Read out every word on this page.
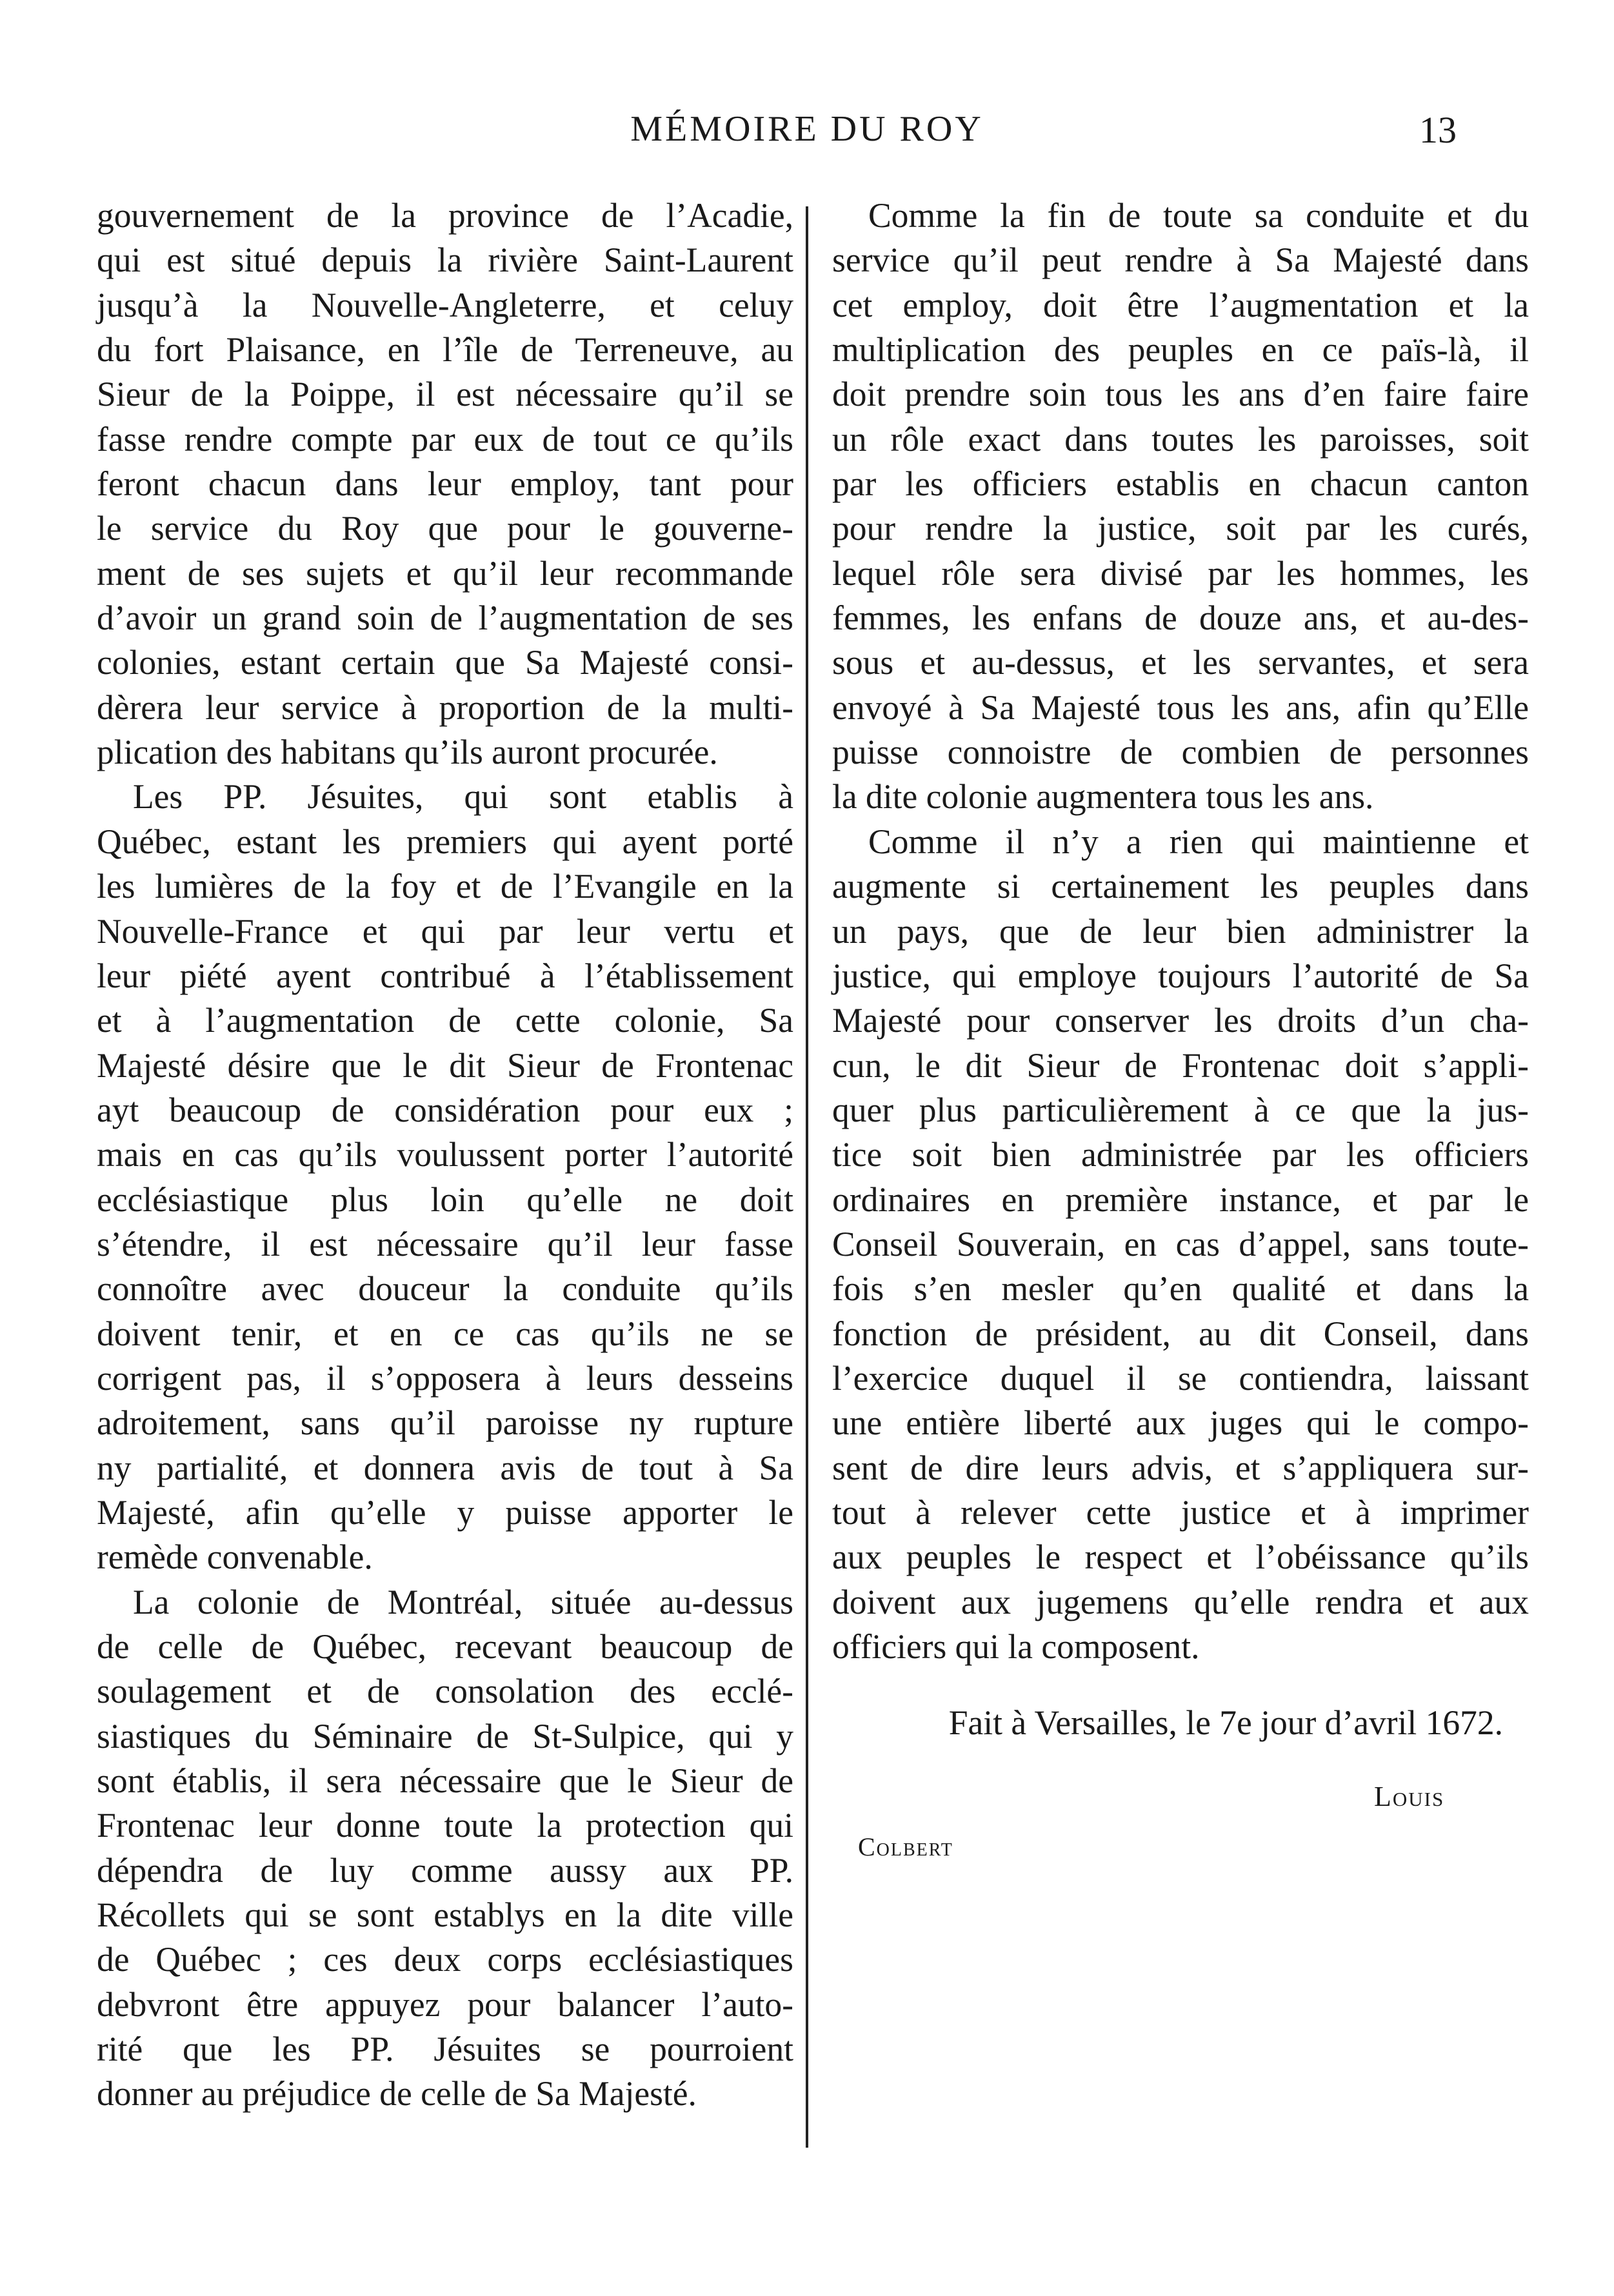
MÉMOIRE DU ROY	13
gouvernement de la province de l’Acadie,
qui est situé depuis la rivière Saint-Laurent
jusqu’à la Nouvelle-Angleterre, et celuy
du fort Plaisance, en l’île de Terreneuve, au
Sieur de la Poippe, il est nécessaire qu’il se
fasse rendre compte par eux de tout ce qu’ils
feront chacun dans leur employ, tant pour
le service du Roy que pour le gouverne-
ment de ses sujets et qu’il leur recommande
d’avoir un grand soin de l’augmentation de ses
colonies, estant certain que Sa Majesté consi-
dèrera leur service à proportion de la multi-
plication des habitans qu’ils auront procurée.
Les PP. Jésuites, qui sont etablis à
Québec, estant les premiers qui ayent porté
les lumières de la foy et de l’Evangile en la
Nouvelle-France et qui par leur vertu et
leur piété ayent contribué à l’établissement
et à l’augmentation de cette colonie, Sa
Majesté désire que le dit Sieur de Frontenac
ayt beaucoup de considération pour eux ;
mais en cas qu’ils voulussent porter l’autorité
ecclésiastique plus loin qu’elle ne doit
s’étendre, il est nécessaire qu’il leur fasse
connoître avec douceur la conduite qu’ils
doivent tenir, et en ce cas qu’ils ne se
corrigent pas, il s’opposera à leurs desseins
adroitement, sans qu’il paroisse ny rupture
ny partialité, et donnera avis de tout à Sa
Majesté, afin qu’elle y puisse apporter le
remède convenable.
La colonie de Montréal, située au-dessus
de celle de Québec, recevant beaucoup de
soulagement et de consolation des ecclé-
siastiques du Séminaire de St-Sulpice, qui y
sont établis, il sera nécessaire que le Sieur de
Frontenac leur donne toute la protection qui
dépendra de luy comme aussy aux PP.
Récollets qui se sont establys en la dite ville
de Québec ; ces deux corps ecclésiastiques
debvront être appuyez pour balancer l’auto-
rité que les PP. Jésuites se pourroient
donner au préjudice de celle de Sa Majesté.
Comme la fin de toute sa conduite et du
service qu’il peut rendre à Sa Majesté dans
cet employ, doit être l’augmentation et la
multiplication des peuples en ce païs-là, il
doit prendre soin tous les ans d’en faire faire
un rôle exact dans toutes les paroisses, soit
par les officiers establis en chacun canton
pour rendre la justice, soit par les curés,
lequel rôle sera divisé par les hommes, les
femmes, les enfans de douze ans, et au-des-
sous et au-dessus, et les servantes, et sera
envoyé à Sa Majesté tous les ans, afin qu’Elle
puisse connoistre de combien de personnes
la dite colonie augmentera tous les ans.
Comme il n’y a rien qui maintienne et
augmente si certainement les peuples dans
un pays, que de leur bien administrer la
justice, qui employe toujours l’autorité de Sa
Majesté pour conserver les droits d’un cha-
cun, le dit Sieur de Frontenac doit s’appli-
quer plus particulièrement à ce que la jus-
tice soit bien administrée par les officiers
ordinaires en première instance, et par le
Conseil Souverain, en cas d’appel, sans toute-
fois s’en mesler qu’en qualité et dans la
fonction de président, au dit Conseil, dans
l’exercice duquel il se contiendra, laissant
une entière liberté aux juges qui le compo-
sent de dire leurs advis, et s’appliquera sur-
tout à relever cette justice et à imprimer
aux peuples le respect et l’obéissance qu’ils
doivent aux jugemens qu’elle rendra et aux
officiers qui la composent.
Fait à Versailles, le 7e jour d’avril 1672.
Louis
Colbert
